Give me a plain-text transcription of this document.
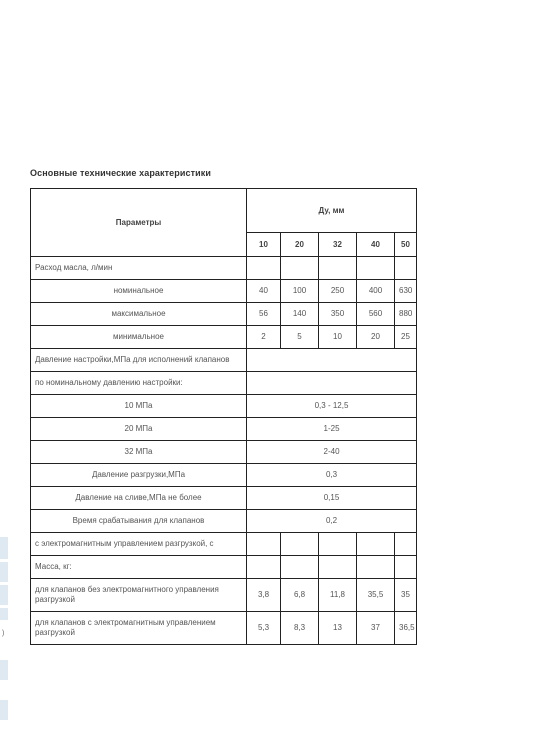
)
Основные технические характеристики
Параметры	Ду, мм				
	10	20	32	40	50
Расход масла, л/мин					
номинальное	40	100	250	400	630
максимальное	56	140	350	560	880
минимальное	2	5	10	20	25
Давление настройки,МПа для исполнений клапанов					
по номинальному давлению настройки:					
10 МПа	0,3 - 12,5				
20 МПа	1-25				
32 МПа	2-40				
Давление разгрузки,МПа	0,3				
Давление на сливе,МПа не более	0,15				
Время срабатывания для клапанов	0,2				
с электромагнитным управлением разгрузкой, с					
Масса, кг:					
для клапанов без электромагнитного управления разгрузкой	3,8	6,8	11,8	35,5	35
для клапанов с электромагнитным управлением разгрузкой	5,3	8,3	13	37	36,5
